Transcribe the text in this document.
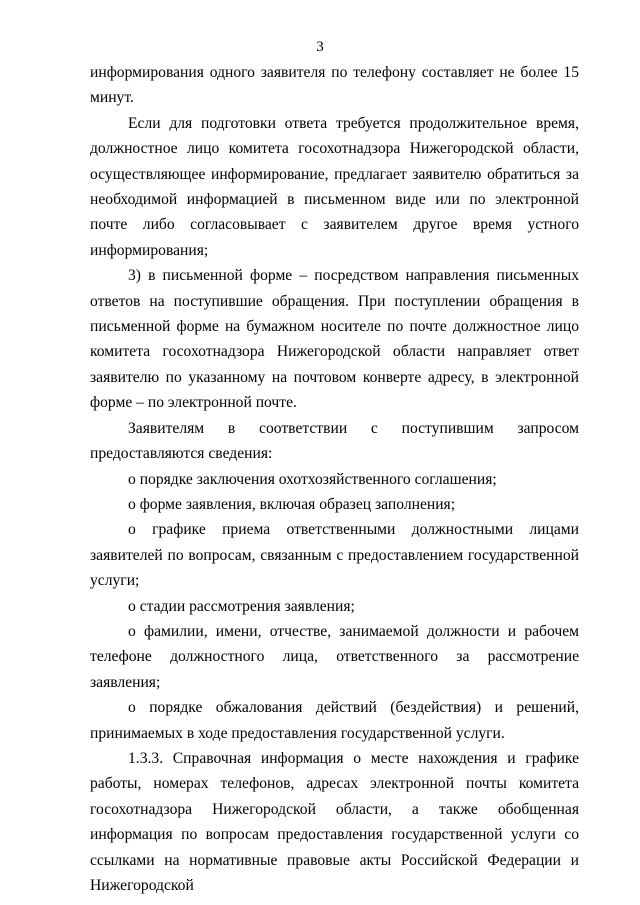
3

информирования одного заявителя по телефону составляет не более 15 минут.

Если для подготовки ответа требуется продолжительное время, должностное лицо комитета госохотнадзора Нижегородской области, осуществляющее информирование, предлагает заявителю обратиться за необходимой информацией в письменном виде или по электронной почте либо согласовывает с заявителем другое время устного информирования;

3) в письменной форме – посредством направления письменных ответов на поступившие обращения. При поступлении обращения в письменной форме на бумажном носителе по почте должностное лицо комитета госохотнадзора Нижегородской области направляет ответ заявителю по указанному на почтовом конверте адресу, в электронной форме – по электронной почте.

Заявителям в соответствии с поступившим запросом предоставляются сведения:

о порядке заключения охотхозяйственного соглашения;

о форме заявления, включая образец заполнения;

о графике приема ответственными должностными лицами заявителей по вопросам, связанным с предоставлением государственной услуги;

о стадии рассмотрения заявления;

о фамилии, имени, отчестве, занимаемой должности и рабочем телефоне должностного лица, ответственного за рассмотрение заявления;

о порядке обжалования действий (бездействия) и решений, принимаемых в ходе предоставления государственной услуги.

1.3.3. Справочная информация о месте нахождения и графике работы, номерах телефонов, адресах электронной почты комитета госохотнадзора Нижегородской области, а также обобщенная информация по вопросам предоставления государственной услуги со ссылками на нормативные правовые акты Российской Федерации и Нижегородской
